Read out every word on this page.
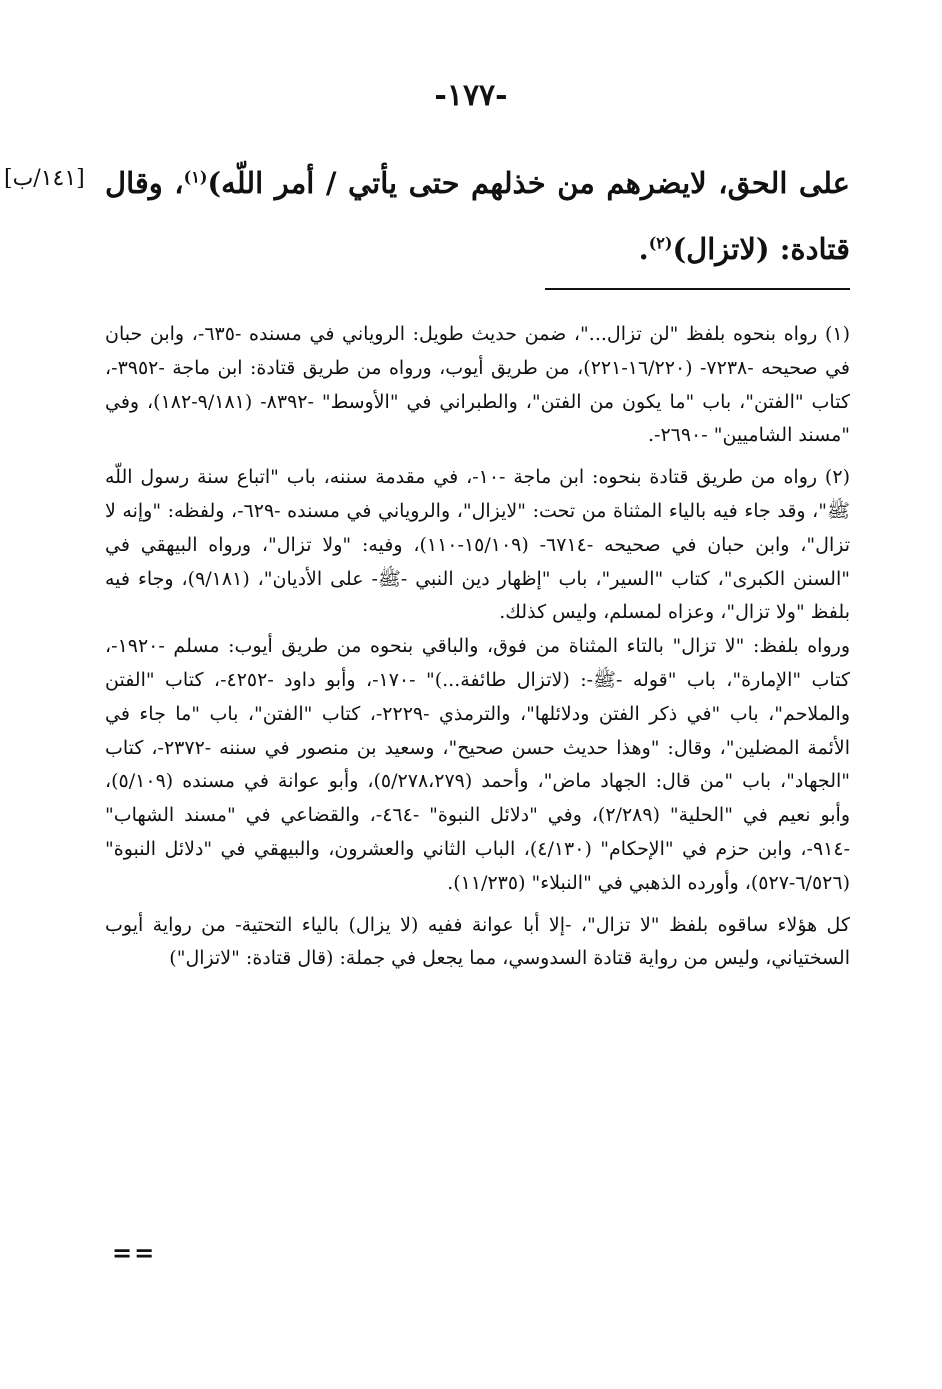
-١٧٧-
[١٤١/ب]	على الحق، لايضرهم من خذلهم حتى يأتي / أمر اللّه)$^{(١)}$، وقال قتادة: (لاتزال)$^{(٢)}$.

(١) رواه بنحوه بلفظ "لن تزال..."، ضمن حديث طويل: الروياني في مسنده -٦٣٥-، وابن حبان في صحيحه -٧٢٣٨- (١٦/٢٢٠-٢٢١)، من طريق أيوب، ورواه من طريق قتادة: ابن ماجة -٣٩٥٢-، كتاب "الفتن"، باب "ما يكون من الفتن"، والطبراني في "الأوسط" -٨٣٩٢- (٩/١٨١-١٨٢)، وفي "مسند الشاميين" -٢٦٩٠-.

(٢) رواه من طريق قتادة بنحوه: ابن ماجة -١٠-، في مقدمة سننه، باب "اتباع سنة رسول اللّه ﷺ"، وقد جاء فيه بالياء المثناة من تحت: "لايزال"، والروياني في مسنده -٦٢٩-، ولفظه: "وإنه لا تزال"، وابن حبان في صحيحه -٦٧١٤- (١٥/١٠٩-١١٠)، وفيه: "ولا تزال"، ورواه البيهقي في "السنن الكبرى"، كتاب "السير"، باب "إظهار دين النبي -ﷺ- على الأديان"، (٩/١٨١)، وجاء فيه بلفظ "ولا تزال"، وعزاه لمسلم، وليس كذلك.

ورواه بلفظ: "لا تزال" بالتاء المثناة من فوق، والباقي بنحوه من طريق أيوب: مسلم -١٩٢٠-، كتاب "الإمارة"، باب "قوله -ﷺ-: (لاتزال طائفة...)" -١٧٠-، وأبو داود -٤٢٥٢-، كتاب "الفتن والملاحم"، باب "في ذكر الفتن ودلائلها"، والترمذي -٢٢٢٩-، كتاب "الفتن"، باب "ما جاء في الأئمة المضلين"، وقال: "وهذا حديث حسن صحيح"، وسعيد بن منصور في سننه -٢٣٧٢-، كتاب "الجهاد"، باب "من قال: الجهاد ماض"، وأحمد (٥/٢٧٨،٢٧٩)، وأبو عوانة في مسنده (٥/١٠٩)، وأبو نعيم في "الحلية" (٢/٢٨٩)، وفي "دلائل النبوة" -٤٦٤-، والقضاعي في "مسند الشهاب" -٩١٤-، وابن حزم في "الإحكام" (٤/١٣٠)، الباب الثاني والعشرون، والبيهقي في "دلائل النبوة" (٦/٥٢٦-٥٢٧)، وأورده الذهبي في "النبلاء" (١١/٢٣٥).

كل هؤلاء ساقوه بلفظ "لا تزال"، -إلا أبا عوانة ففيه (لا يزال) بالياء التحتية- من رواية أيوب السختياني، وليس من رواية قتادة السدوسي، مما يجعل في جملة: (قال قتادة: "لاتزال")

==
